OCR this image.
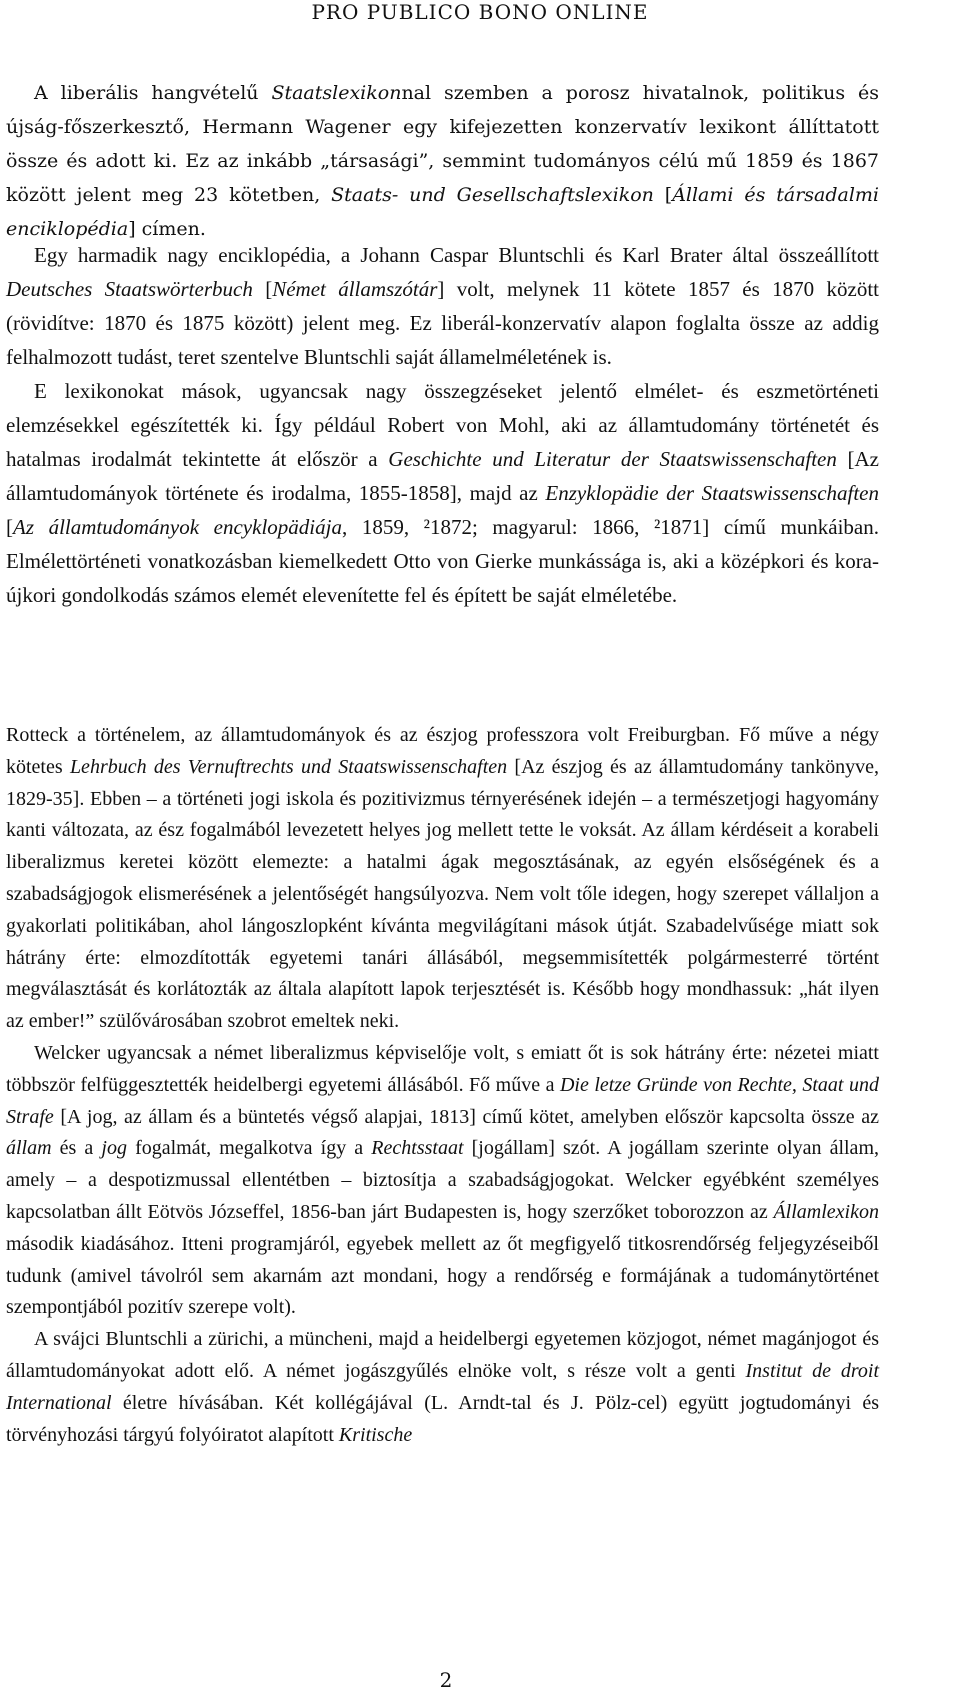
PRO PUBLICO BONO ONLINE

A liberális hangvételű Staatslexikonnal szemben a porosz hivatalnok, politikus és újság-főszerkesztő, Hermann Wagener egy kifejezetten konzervatív lexikont állíttatott össze és adott ki. Ez az inkább „társasági”, semmint tudományos célú mű 1859 és 1867 között jelent meg 23 kötetben, Staats- und Gesellschaftslexikon [Állami és társadalmi enciklopédia] címen.

Egy harmadik nagy enciklopédia, a Johann Caspar Bluntschli és Karl Brater által összeállított Deutsches Staatswörterbuch [Német államszótár] volt, melynek 11 kötete 1857 és 1870 között (rövidítve: 1870 és 1875 között) jelent meg. Ez liberál-konzervatív alapon foglalta össze az addig felhalmozott tudást, teret szentelve Bluntschli saját államelméletének is.

E lexikonokat mások, ugyancsak nagy összegzéseket jelentő elmélet- és eszmetörténeti elemzésekkel egészítették ki. Így például Robert von Mohl, aki az államtudomány történetét és hatalmas irodalmát tekintette át először a Geschichte und Literatur der Staatswissenschaften [Az államtudományok története és irodalma, 1855-1858], majd az Enzyklopädie der Staatswissenschaften [Az államtudományok encyklopädiája, 1859, ²1872; magyarul: 1866, ²1871] című munkáiban. Elmélettörténeti vonatkozásban kiemelkedett Otto von Gierke munkássága is, aki a középkori és kora-újkori gondolkodás számos elemét elevenítette fel és épített be saját elméletébe.

Rotteck a történelem, az államtudományok és az észjog professzora volt Freiburgban. Fő műve a négy kötetes Lehrbuch des Vernuftrechts und Staatswissenschaften [Az észjog és az államtudomány tankönyve, 1829-35]. Ebben – a történeti jogi iskola és pozitivizmus térnyerésének idején – a természetjogi hagyomány kanti változata, az ész fogalmából levezetett helyes jog mellett tette le voksát. Az állam kérdéseit a korabeli liberalizmus keretei között elemezte: a hatalmi ágak megosztásának, az egyén elsőségének és a szabadságjogok elismerésének a jelentőségét hangsúlyozva. Nem volt tőle idegen, hogy szerepet vállaljon a gyakorlati politikában, ahol lángoszlopként kívánta megvilágítani mások útját. Szabadelvűsége miatt sok hátrány érte: elmozdították egyetemi tanári állásából, megsemmisítették polgármesterré történt megválasztását és korlátozták az általa alapított lapok terjesztését is. Később hogy mondhassuk: „hát ilyen az ember!” szülővárosában szobrot emeltek neki.

Welcker ugyancsak a német liberalizmus képviselője volt, s emiatt őt is sok hátrány érte: nézetei miatt többször felfüggesztették heidelbergi egyetemi állásából. Fő műve a Die letze Gründe von Rechte, Staat und Strafe [A jog, az állam és a büntetés végső alapjai, 1813] című kötet, amelyben először kapcsolta össze az állam és a jog fogalmát, megalkotva így a Rechtsstaat [jogállam] szót. A jogállam szerinte olyan állam, amely – a despotizmussal ellentétben – biztosítja a szabadságjogokat. Welcker egyébként személyes kapcsolatban állt Eötvös Józseffel, 1856-ban járt Budapesten is, hogy szerzőket toborozzon az Államlexikon második kiadásához. Itteni programjáról, egyebek mellett az őt megfigyelő titkosrendőrség feljegyzéseiből tudunk (amivel távolról sem akarnám azt mondani, hogy a rendőrség e formájának a tudománytörténet szempontjából pozitív szerepe volt).

A svájci Bluntschli a zürichi, a müncheni, majd a heidelbergi egyetemen közjogot, német magánjogot és államtudományokat adott elő. A német jogászgyűlés elnöke volt, s része volt a genti Institut de droit International életre hívásában. Két kollégájával (L. Arndt-tal és J. Pölz-cel) együtt jogtudományi és törvényhozási tárgyú folyóiratot alapított Kritische

2
